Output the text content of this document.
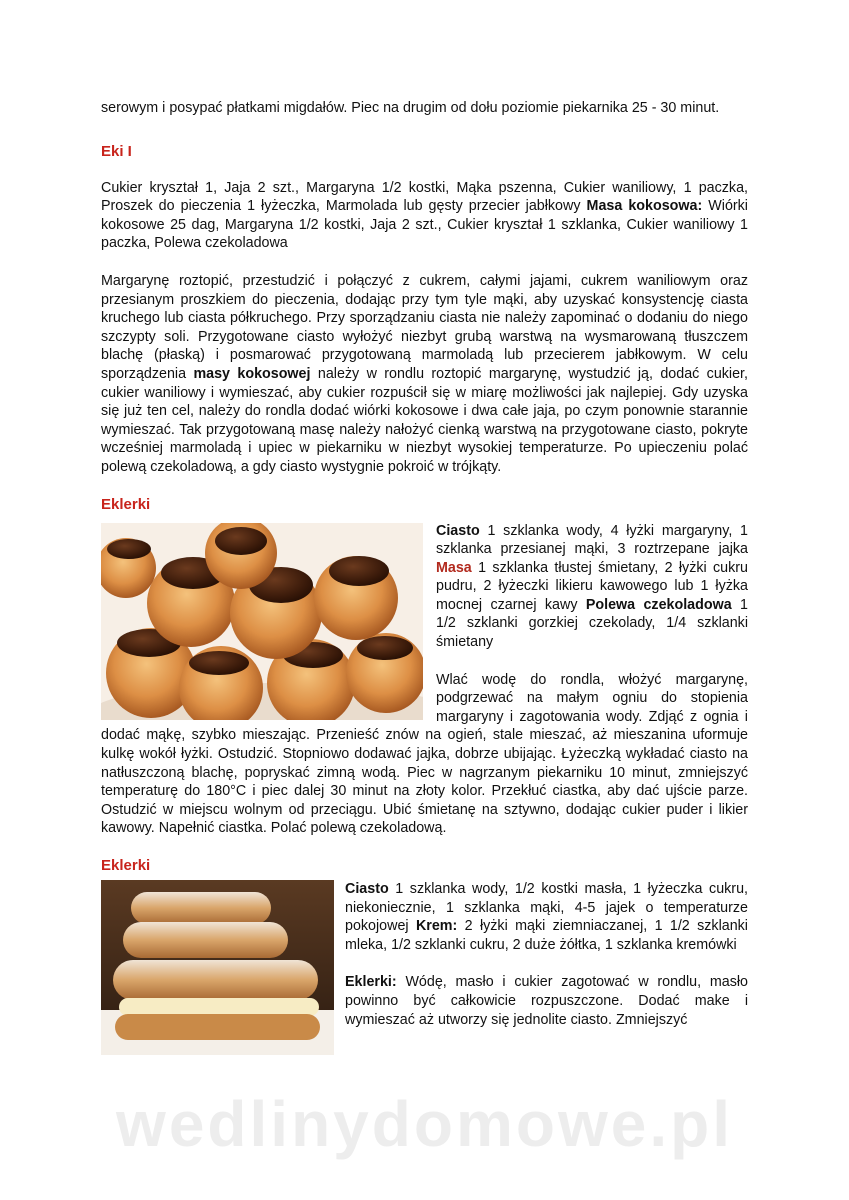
serowym i posypać płatkami migdałów. Piec na drugim od dołu poziomie piekarnika 25 - 30 minut.

Eki I

Cukier kryształ 1, Jaja 2 szt., Margaryna 1/2 kostki, Mąka pszenna, Cukier waniliowy, 1 paczka, Proszek do pieczenia 1 łyżeczka, Marmolada lub gęsty przecier jabłkowy Masa kokosowa: Wiórki kokosowe 25 dag, Margaryna 1/2 kostki, Jaja 2 szt., Cukier kryształ 1 szklanka, Cukier waniliowy 1 paczka, Polewa czekoladowa

Margarynę roztopić, przestudzić i połączyć z cukrem, całymi jajami, cukrem waniliowym oraz przesianym proszkiem do pieczenia, dodając przy tym tyle mąki, aby uzyskać konsystencję ciasta kruchego lub ciasta półkruchego. Przy sporządzaniu ciasta nie należy zapominać o dodaniu do niego szczypty soli. Przygotowane ciasto wyłożyć niezbyt grubą warstwą na wysmarowaną tłuszczem blachę (płaską) i posmarować przygotowaną marmoladą lub przecierem jabłkowym. W celu sporządzenia masy kokosowej należy w rondlu roztopić margarynę, wystudzić ją, dodać cukier, cukier waniliowy i wymieszać, aby cukier rozpuścił się w miarę możliwości jak najlepiej. Gdy uzyska się już ten cel, należy do rondla dodać wiórki kokosowe i dwa całe jaja, po czym ponownie starannie wymieszać. Tak przygotowaną masę należy nałożyć cienką warstwą na przygotowane ciasto, pokryte wcześniej marmoladą i upiec w piekarniku w niezbyt wysokiej temperaturze. Po upieczeniu polać polewą czekoladową, a gdy ciasto wystygnie pokroić w trójkąty.

Eklerki

Ciasto 1 szklanka wody, 4 łyżki margaryny, 1 szklanka przesianej mąki, 3 roztrzepane jajka Masa 1 szklanka tłustej śmietany, 2 łyżki cukru pudru, 2 łyżeczki likieru kawowego lub 1 łyżka mocnej czarnej kawy Polewa czekoladowa 1 1/2 szklanki gorzkiej czekolady, 1/4 szklanki śmietany

Wlać wodę do rondla, włożyć margarynę, podgrzewać na małym ogniu do stopienia margaryny i zagotowania wody. Zdjąć z ognia i dodać mąkę, szybko mieszając. Przenieść znów na ogień, stale mieszać, aż mieszanina uformuje kulkę wokół łyżki. Ostudzić. Stopniowo dodawać jajka, dobrze ubijając. Łyżeczką wykładać ciasto na natłuszczoną blachę, popryskać zimną wodą. Piec w nagrzanym piekarniku 10 minut, zmniejszyć temperaturę do 180°C i piec dalej 30 minut na złoty kolor. Przekłuć ciastka, aby dać ujście parze. Ostudzić w miejscu wolnym od przeciągu. Ubić śmietanę na sztywno, dodając cukier puder i likier kawowy. Napełnić ciastka. Polać polewą czekoladową.

Eklerki

Ciasto 1 szklanka wody, 1/2 kostki masła, 1 łyżeczka cukru, niekoniecznie, 1 szklanka mąki, 4-5 jajek o temperaturze pokojowej Krem: 2 łyżki mąki ziemniaczanej, 1 1/2 szklanki mleka, 1/2 szklanki cukru, 2 duże żółtka, 1 szklanka kremówki

Eklerki: Wódę, masło i cukier zagotować w rondlu, masło powinno być całkowicie rozpuszczone. Dodać make i wymieszać aż utworzy się jednolite ciasto. Zmniejszyć

wedlinydomowe.pl
